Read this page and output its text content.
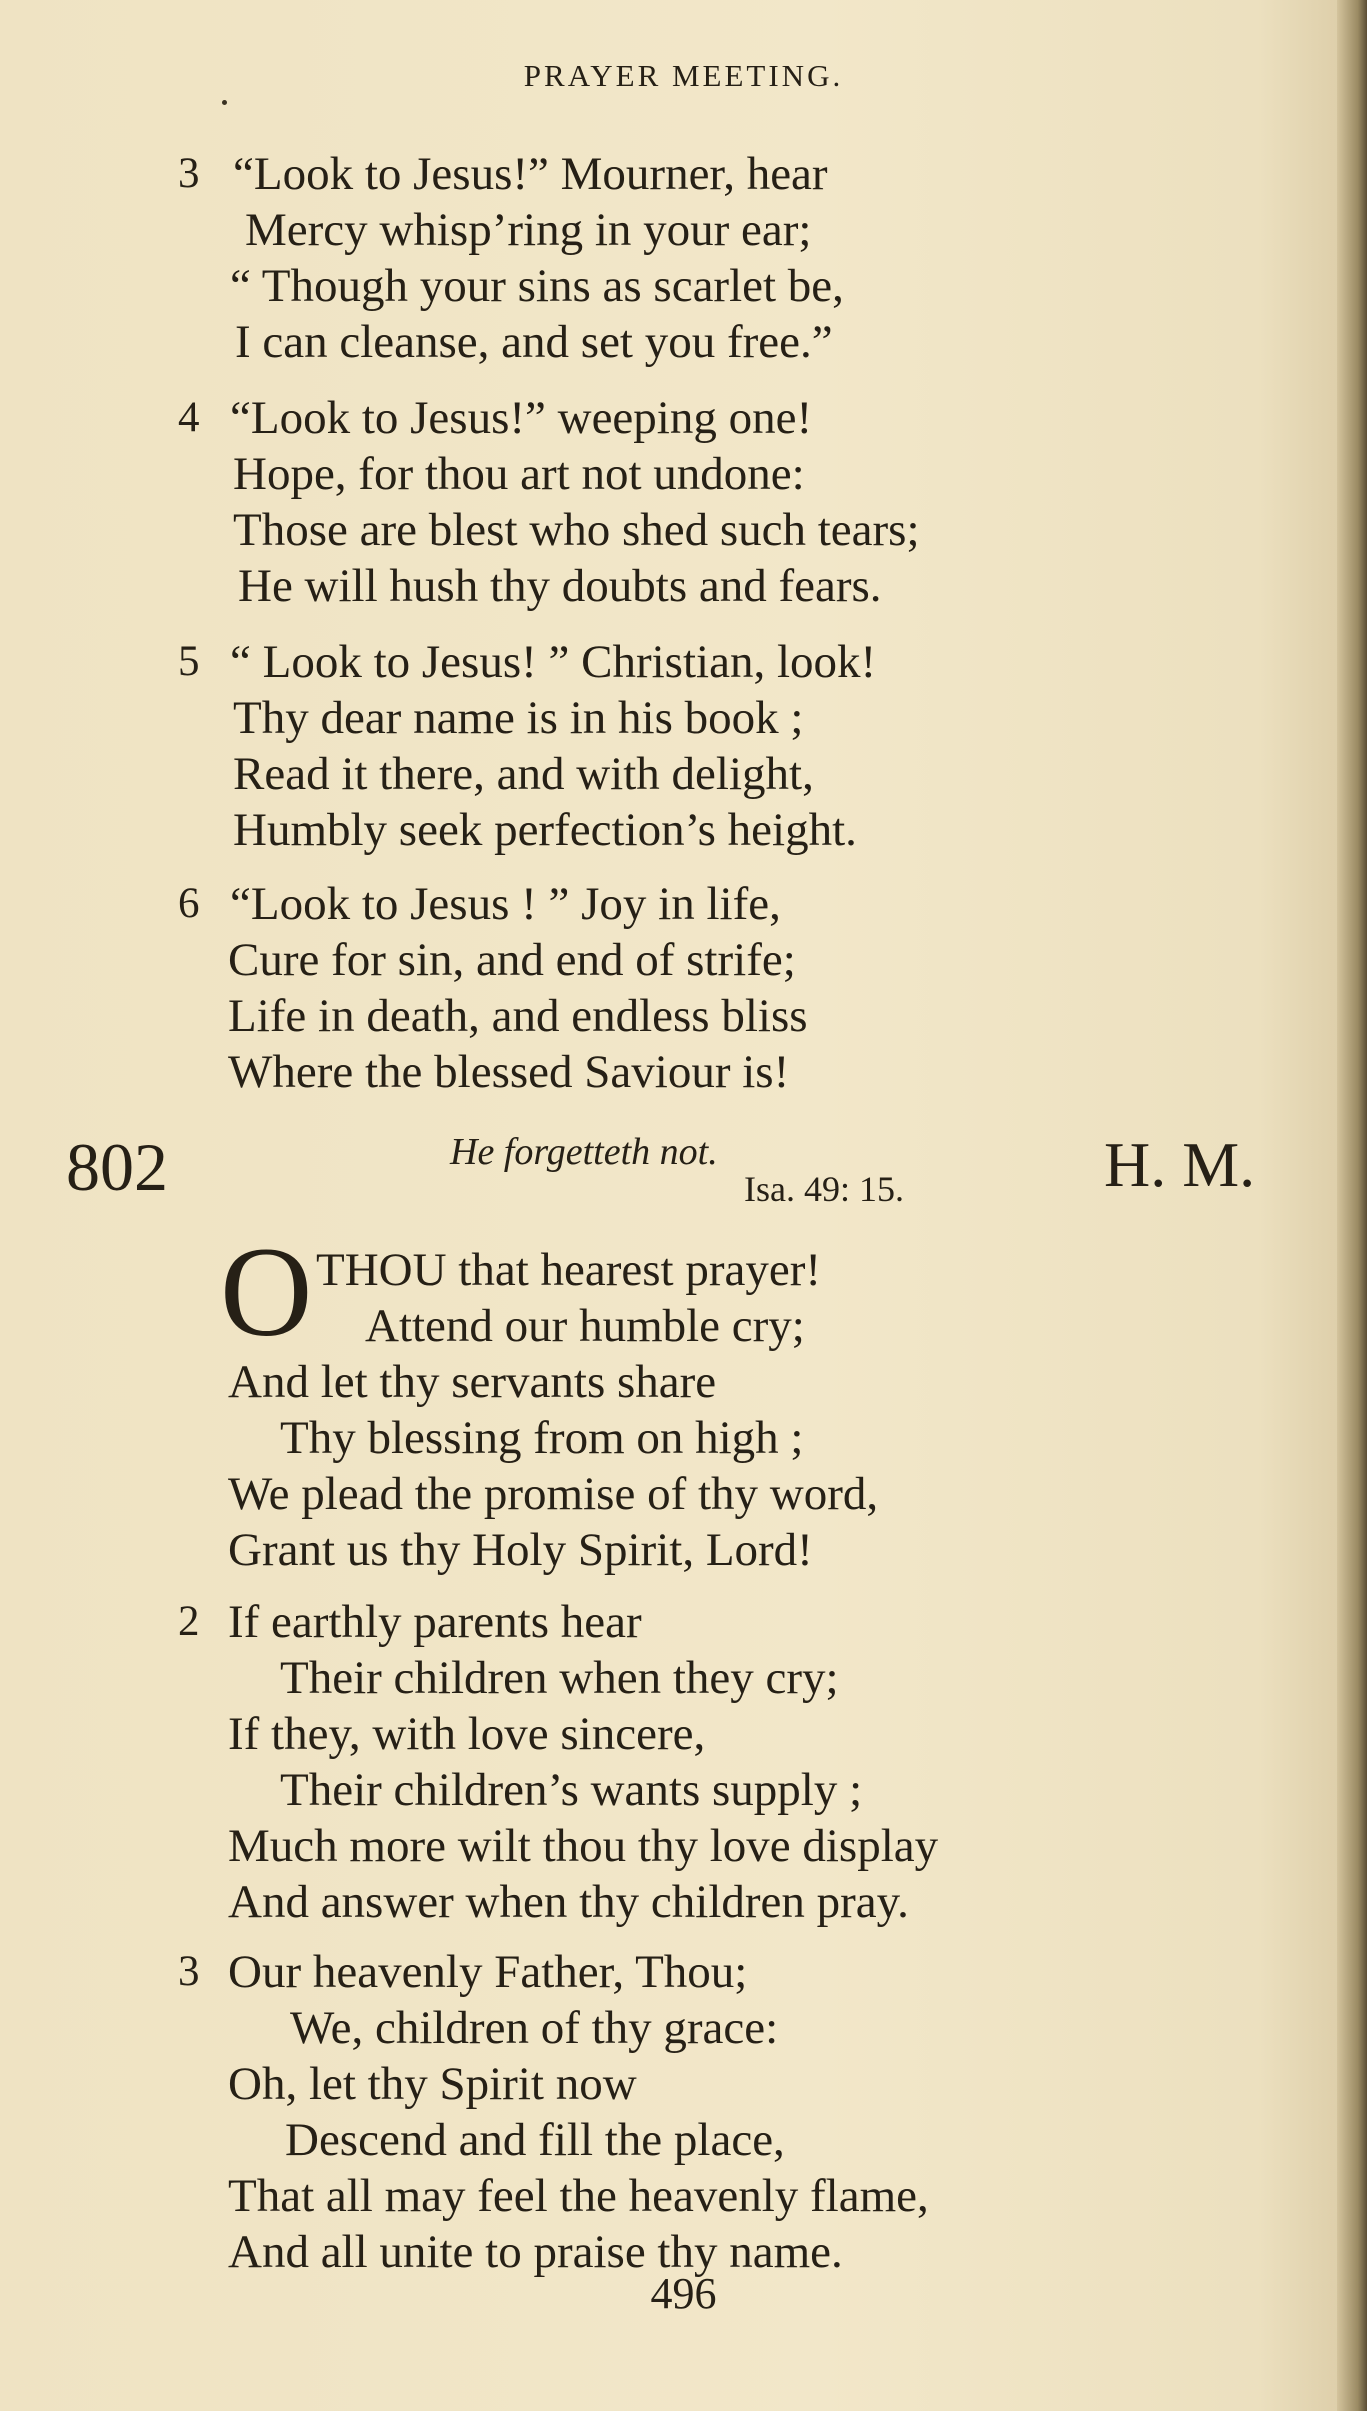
PRAYER MEETING.
3 “Look to Jesus!” Mourner, hear
Mercy whisp’ring in your ear;
“ Though your sins as scarlet be,
I can cleanse, and set you free.”
4 “Look to Jesus!” weeping one!
Hope, for thou art not undone:
Those are blest who shed such tears;
He will hush thy doubts and fears.
5 “ Look to Jesus! ” Christian, look!
Thy dear name is in his book ;
Read it there, and with delight,
Humbly seek perfection’s height.
6 “Look to Jesus ! ” Joy in life,
Cure for sin, and end of strife;
Life in death, and endless bliss
Where the blessed Saviour is!
802	He forgetteth not.
Isa. 49: 15.	H. M.
O THOU that hearest prayer!
Attend our humble cry;
And let thy servants share
Thy blessing from on high ;
We plead the promise of thy word,
Grant us thy Holy Spirit, Lord!
2 If earthly parents hear
Their children when they cry;
If they, with love sincere,
Their children’s wants supply ;
Much more wilt thou thy love display
And answer when thy children pray.
3 Our heavenly Father, Thou;
We, children of thy grace:
Oh, let thy Spirit now
Descend and fill the place,
That all may feel the heavenly flame,
And all unite to praise thy name.
496
